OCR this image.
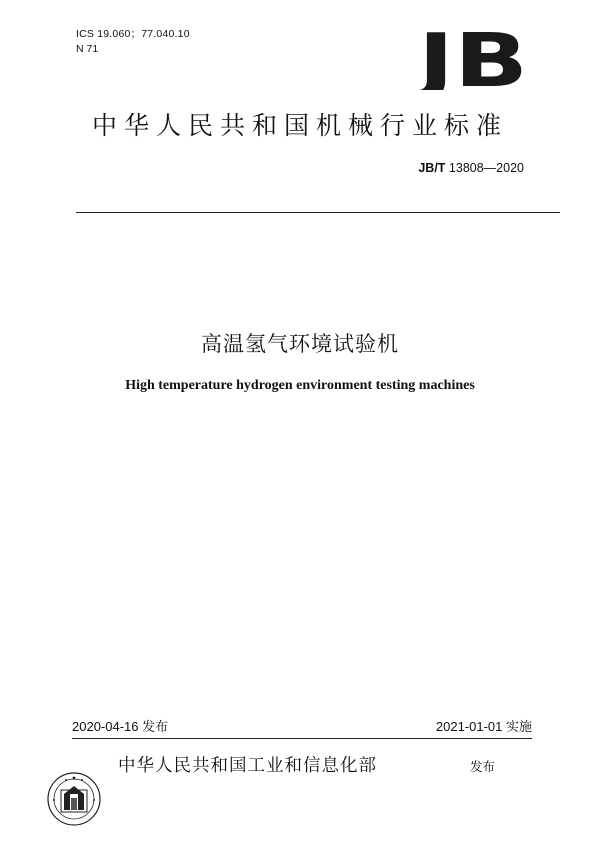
ICS 19.060；77.040.10
N 71	JB
中华人民共和国机械行业标准
JB/T 13808—2020
高温氢气环境试验机
High temperature hydrogen environment testing machines
2020-04-16 发布	2021-01-01 实施
中华人民共和国工业和信息化部	发布
